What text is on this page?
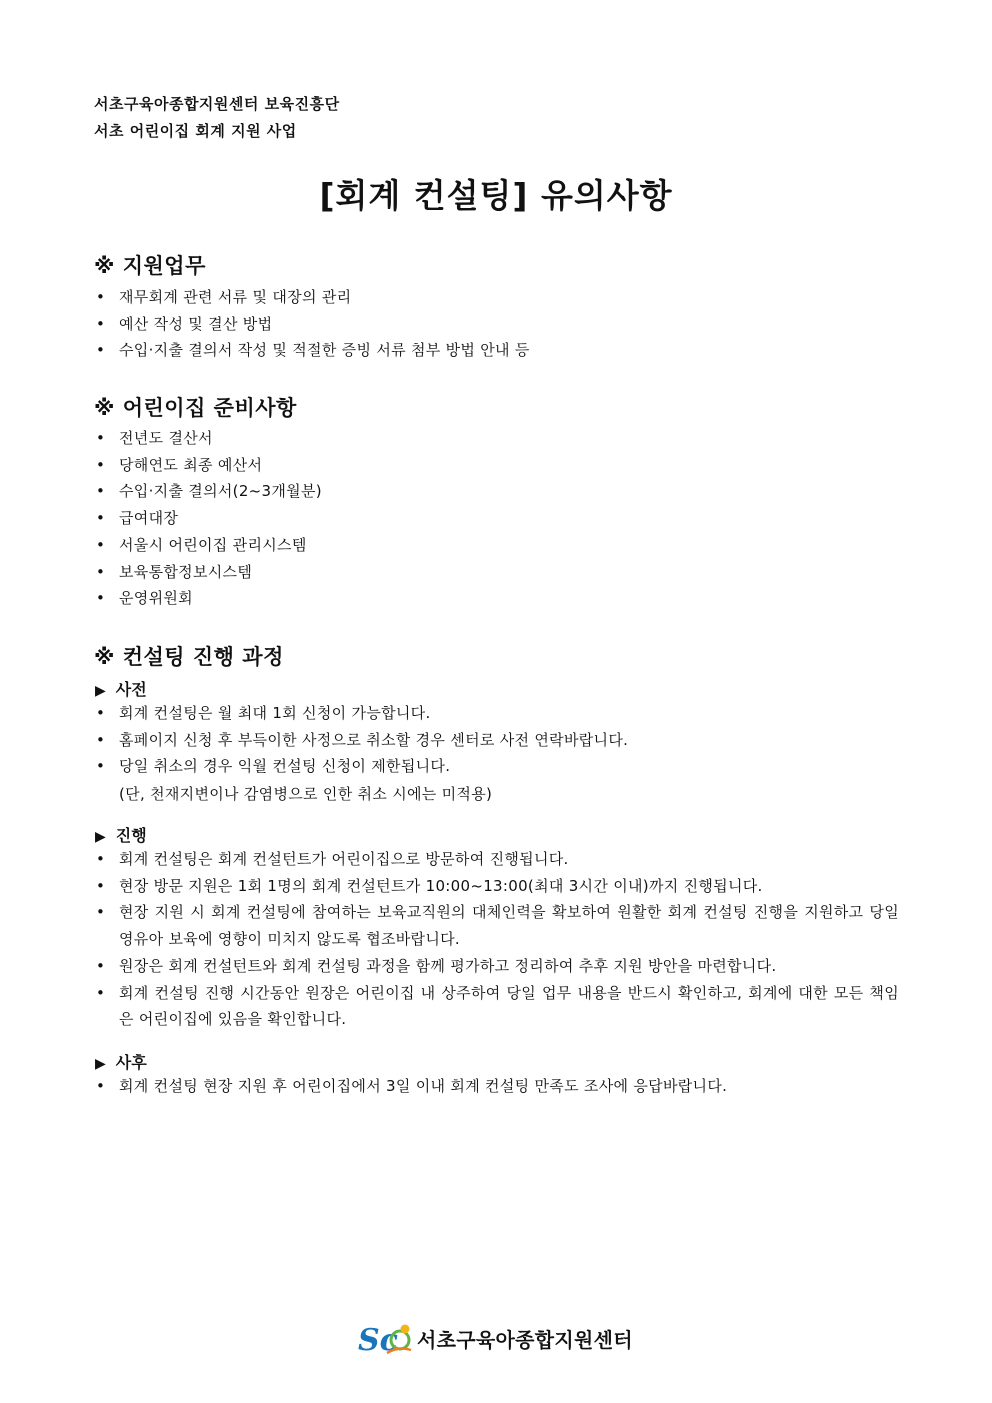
서초구육아종합지원센터 보육진흥단
서초 어린이집 회계 지원 사업
[회계 컨설팅] 유의사항
※ 지원업무
• 재무회계 관련 서류 및 대장의 관리
• 예산 작성 및 결산 방법
• 수입·지출 결의서 작성 및 적절한 증빙 서류 첨부 방법 안내 등
※ 어린이집 준비사항
• 전년도 결산서
• 당해연도 최종 예산서
• 수입·지출 결의서(2~3개월분)
• 급여대장
• 서울시 어린이집 관리시스템
• 보육통합정보시스템
• 운영위원회
※ 컨설팅 진행 과정
▶ 사전
• 회계 컨설팅은 월 최대 1회 신청이 가능합니다.
• 홈페이지 신청 후 부득이한 사정으로 취소할 경우 센터로 사전 연락바랍니다.
• 당일 취소의 경우 익월 컨설팅 신청이 제한됩니다.
(단, 천재지변이나 감염병으로 인한 취소 시에는 미적용)
▶ 진행
• 회계 컨설팅은 회계 컨설턴트가 어린이집으로 방문하여 진행됩니다.
• 현장 방문 지원은 1회 1명의 회계 컨설턴트가 10:00~13:00(최대 3시간 이내)까지 진행됩니다.
• 현장 지원 시 회계 컨설팅에 참여하는 보육교직원의 대체인력을 확보하여 원활한 회계 컨설팅 진행을 지원하고 당일 영유아 보육에 영향이 미치지 않도록 협조바랍니다.
• 원장은 회계 컨설턴트와 회계 컨설팅 과정을 함께 평가하고 정리하여 추후 지원 방안을 마련합니다.
• 회계 컨설팅 진행 시간동안 원장은 어린이집 내 상주하여 당일 업무 내용을 반드시 확인하고, 회계에 대한 모든 책임은 어린이집에 있음을 확인합니다.
▶ 사후
• 회계 컨설팅 현장 지원 후 어린이집에서 3일 이내 회계 컨설팅 만족도 조사에 응답바랍니다.
Sc 서초구육아종합지원센터
